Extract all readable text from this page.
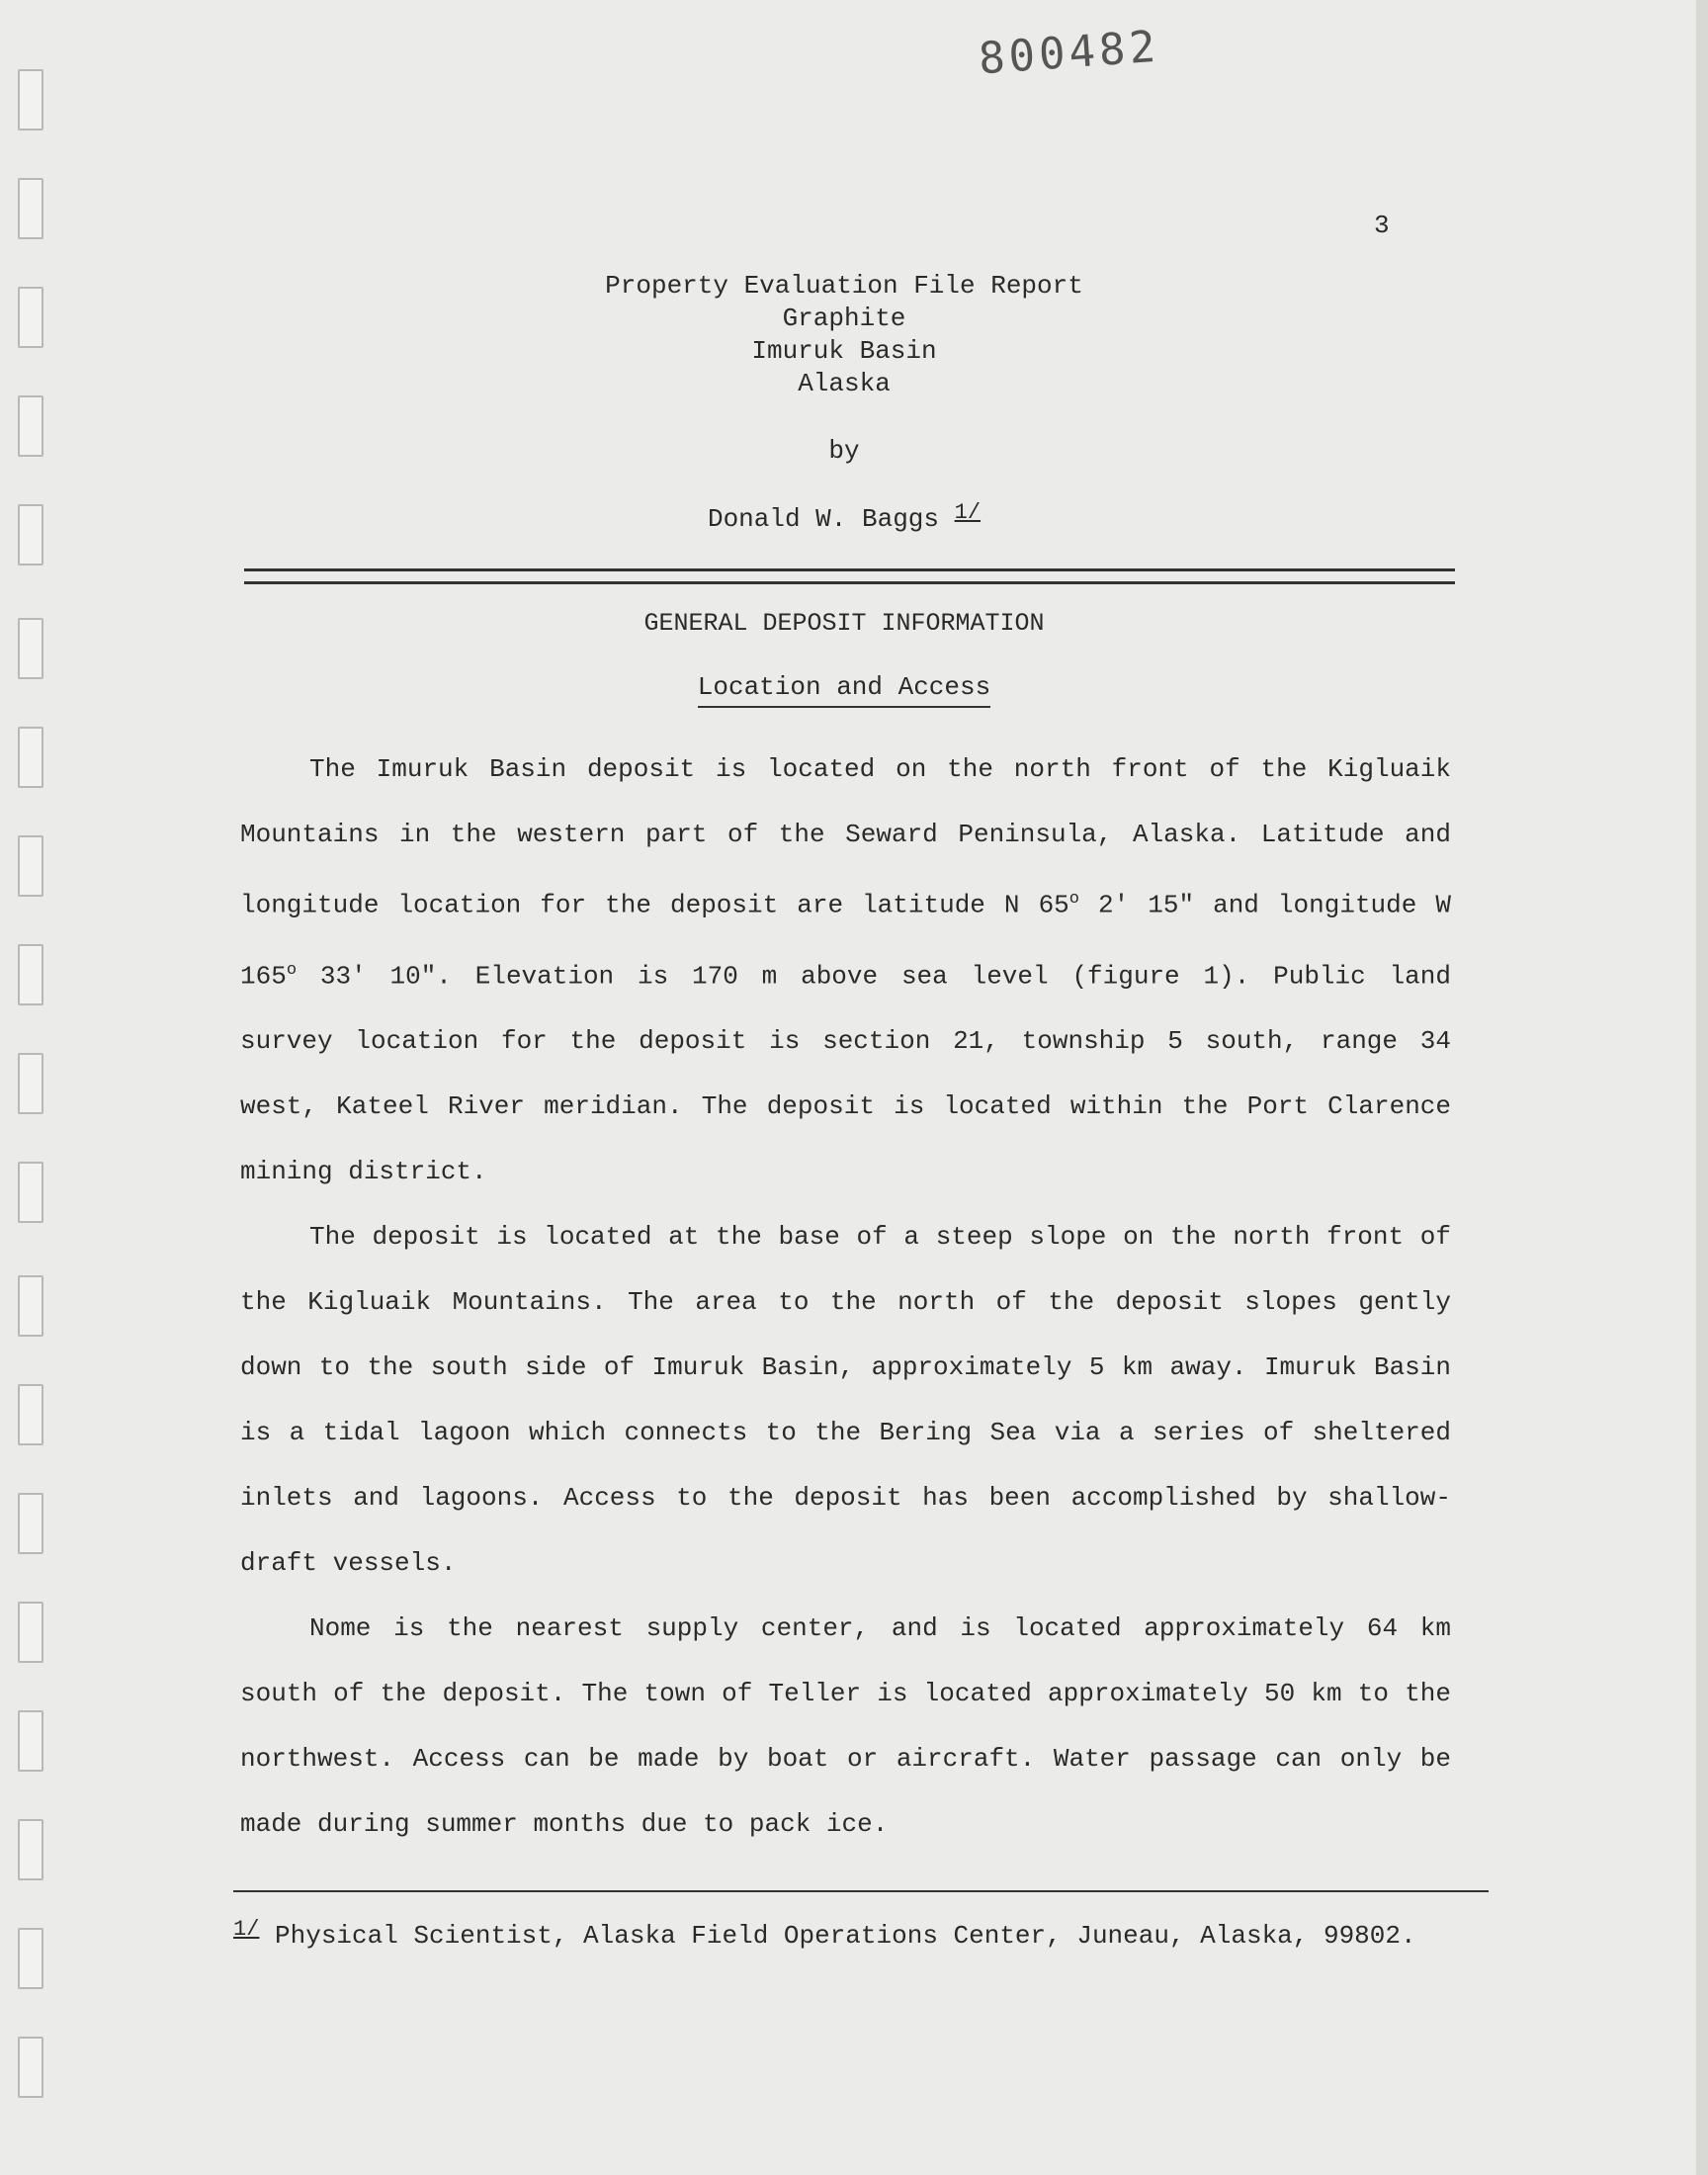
800482
3
Property Evaluation File Report
Graphite
Imuruk Basin
Alaska
by
Donald W. Baggs $^{1/}$
GENERAL DEPOSIT INFORMATION
Location and Access

The Imuruk Basin deposit is located on the north front of the Kigluaik Mountains in the western part of the Seward Peninsula, Alaska. Latitude and longitude location for the deposit are latitude N 65$^o$ 2' 15" and longitude W 165$^o$ 33' 10". Elevation is 170 m above sea level (figure 1). Public land survey location for the deposit is section 21, township 5 south, range 34 west, Kateel River meridian. The deposit is located within the Port Clarence mining district.

The deposit is located at the base of a steep slope on the north front of the Kigluaik Mountains. The area to the north of the deposit slopes gently down to the south side of Imuruk Basin, approximately 5 km away. Imuruk Basin is a tidal lagoon which connects to the Bering Sea via a series of sheltered inlets and lagoons. Access to the deposit has been accomplished by shallow-draft vessels.

Nome is the nearest supply center, and is located approximately 64 km south of the deposit. The town of Teller is located approximately 50 km to the northwest. Access can be made by boat or aircraft. Water passage can only be made during summer months due to pack ice.

$^{1/}$ Physical Scientist, Alaska Field Operations Center, Juneau, Alaska, 99802.
